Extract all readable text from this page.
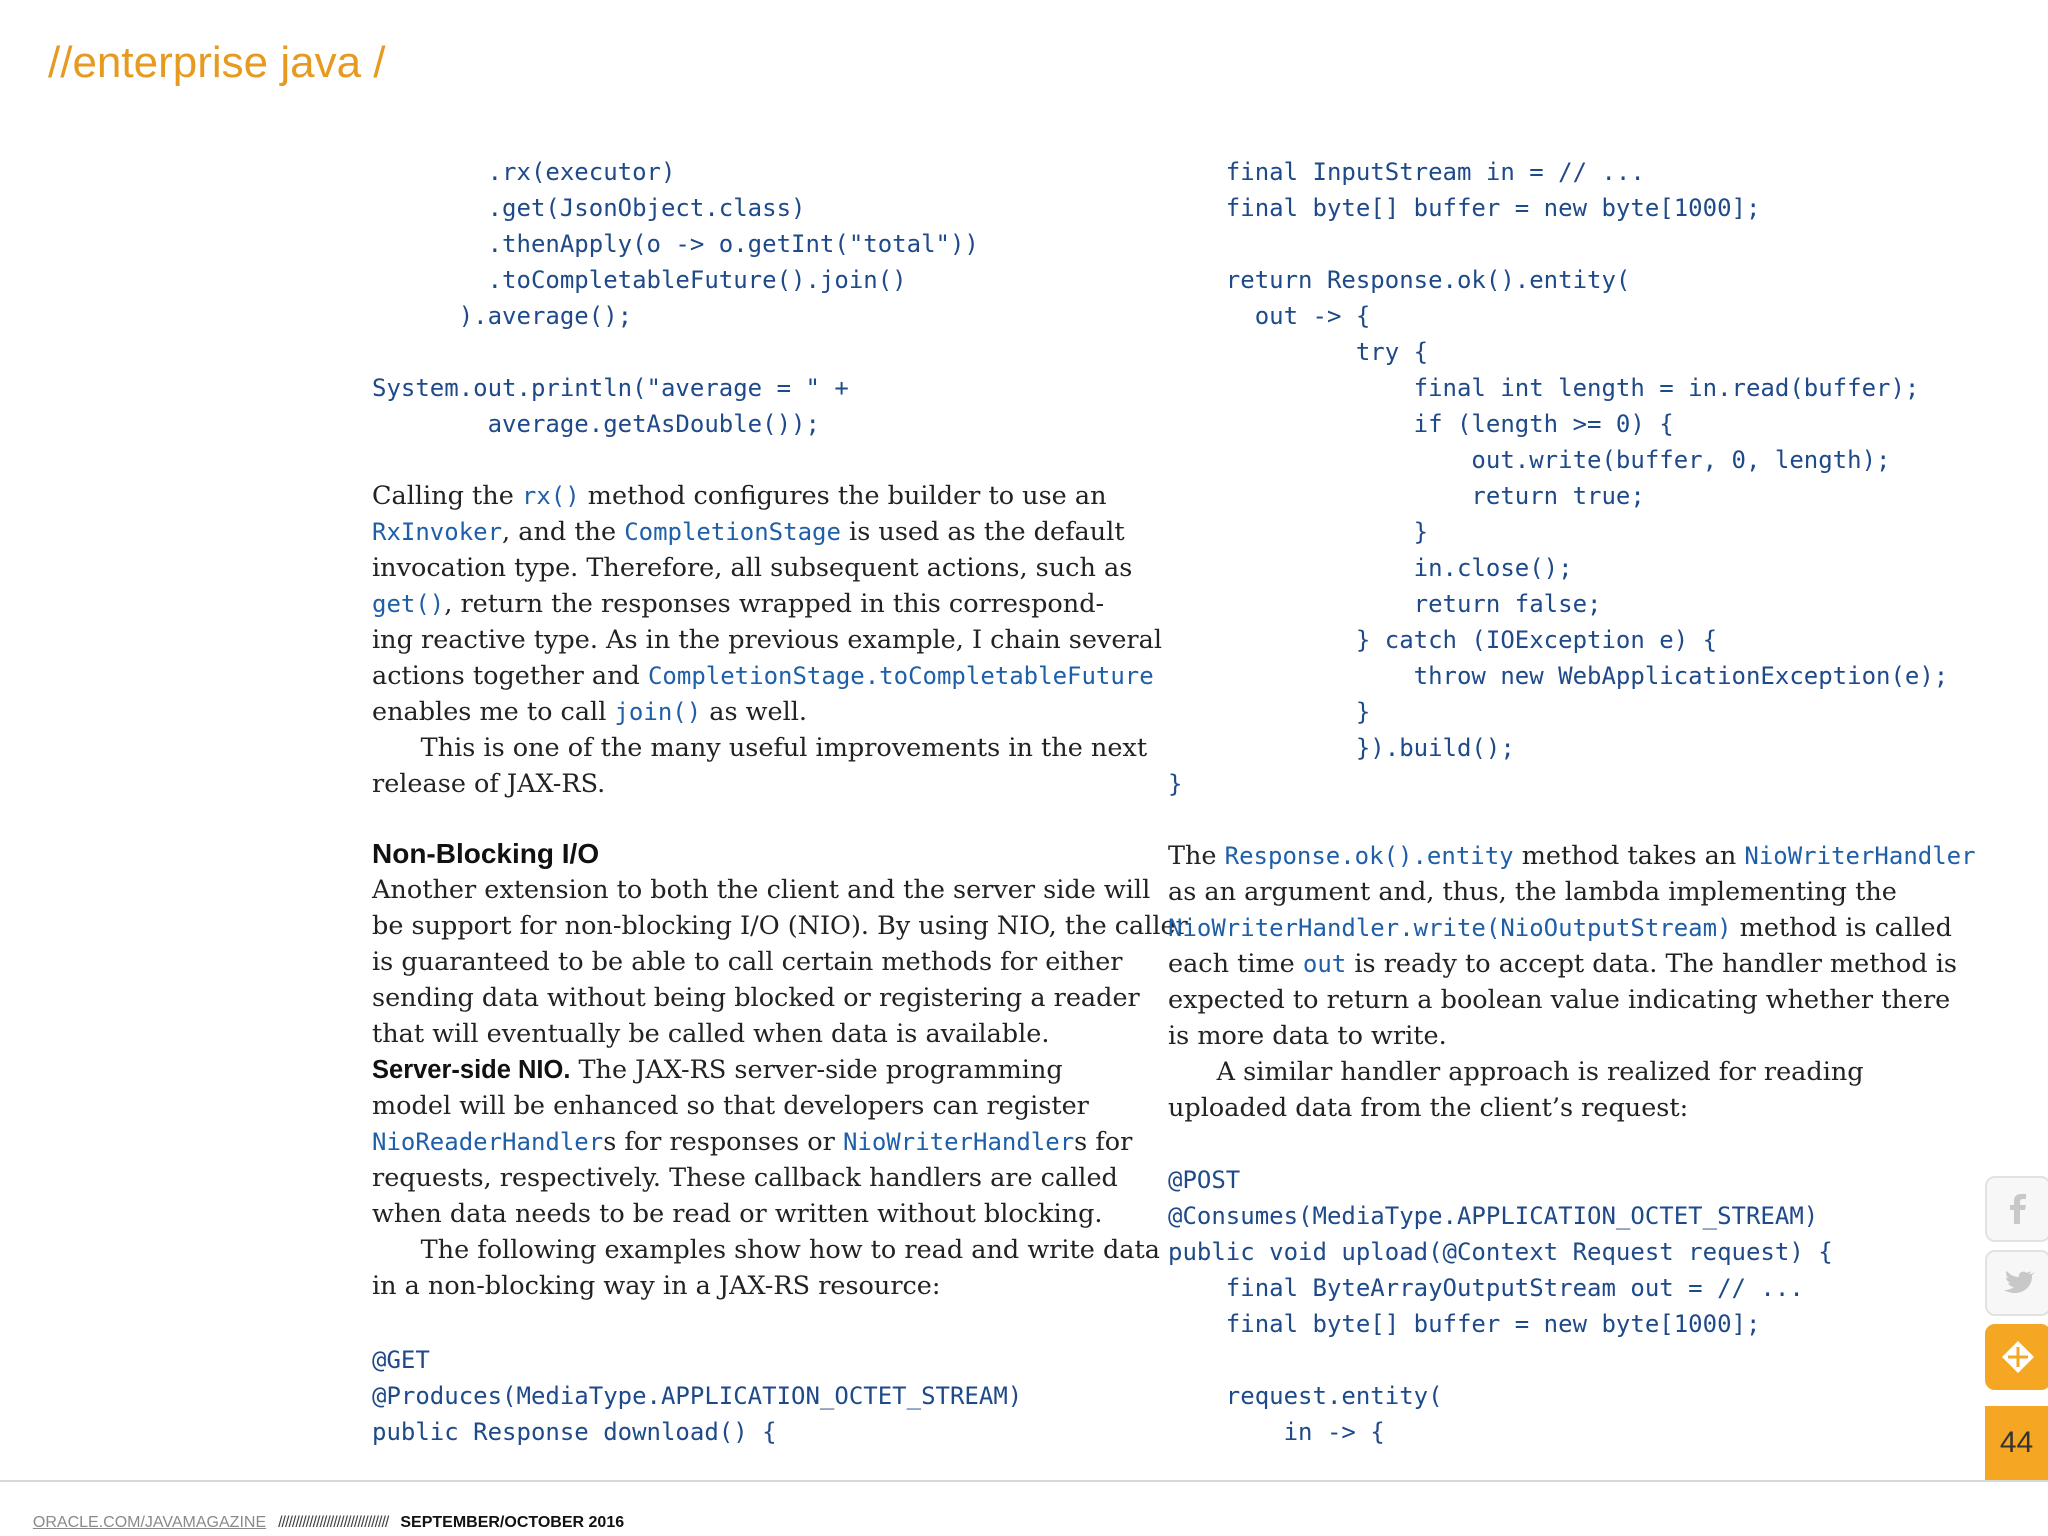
//enterprise java /
.rx(executor)
.get(JsonObject.class)
.thenApply(o -> o.getInt("total"))
.toCompletableFuture().join()
).average();
System.out.println("average = " +
average.getAsDouble());
Calling the rx() method configures the builder to use an
RxInvoker, and the CompletionStage is used as the default
invocation type. Therefore, all subsequent actions, such as
get(), return the responses wrapped in this correspond-
ing reactive type. As in the previous example, I chain several
actions together and CompletionStage.toCompletableFuture
enables me to call join() as well.
This is one of the many useful improvements in the next
release of JAX-RS.
Non-Blocking I/O
Another extension to both the client and the server side will
be support for non-blocking I/O (NIO). By using NIO, the caller
is guaranteed to be able to call certain methods for either
sending data without being blocked or registering a reader
that will eventually be called when data is available.
Server-side NIO. The JAX-RS server-side programming
model will be enhanced so that developers can register
NioReaderHandlers for responses or NioWriterHandlers for
requests, respectively. These callback handlers are called
when data needs to be read or written without blocking.
The following examples show how to read and write data
in a non-blocking way in a JAX-RS resource:
@GET
@Produces(MediaType.APPLICATION_OCTET_STREAM)
public Response download() {
final InputStream in = // ...
final byte[] buffer = new byte[1000];
return Response.ok().entity(
out -> {
try {
final int length = in.read(buffer);
if (length >= 0) {
out.write(buffer, 0, length);
return true;
}
in.close();
return false;
} catch (IOException e) {
throw new WebApplicationException(e);
}
}).build();
}
The Response.ok().entity method takes an NioWriterHandler
as an argument and, thus, the lambda implementing the
NioWriterHandler.write(NioOutputStream) method is called
each time out is ready to accept data. The handler method is
expected to return a boolean value indicating whether there
is more data to write.
A similar handler approach is realized for reading
uploaded data from the client’s request:
@POST
@Consumes(MediaType.APPLICATION_OCTET_STREAM)
public void upload(@Context Request request) {
final ByteArrayOutputStream out = // ...
final byte[] buffer = new byte[1000];
request.entity(
in -> {	44

ORACLE.COM/JAVAMAGAZINE //////////////////////////////// SEPTEMBER/OCTOBER 2016
